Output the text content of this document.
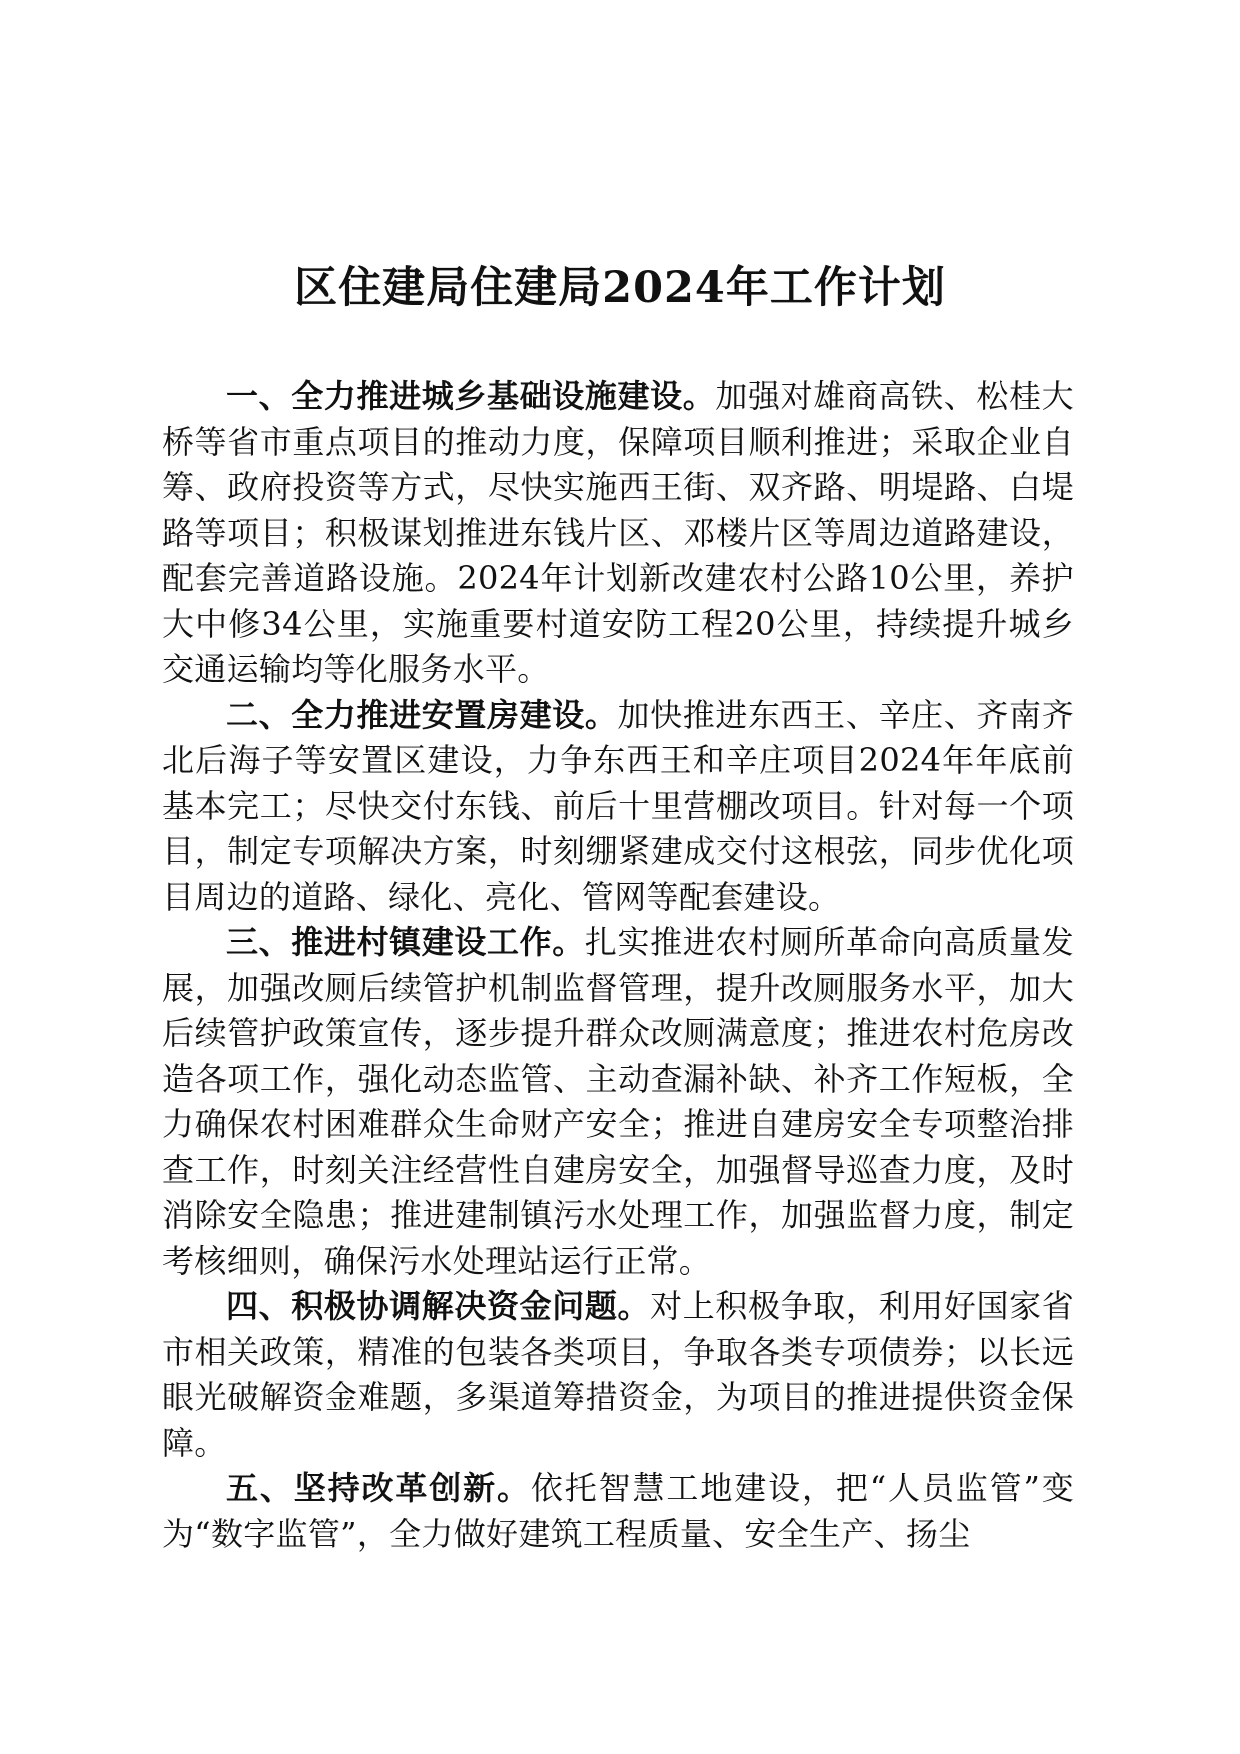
区住建局住建局2024年工作计划

一、全力推进城乡基础设施建设。加强对雄商高铁、松桂大桥等省市重点项目的推动力度，保障项目顺利推进；采取企业自筹、政府投资等方式，尽快实施西王街、双齐路、明堤路、白堤路等项目；积极谋划推进东钱片区、邓楼片区等周边道路建设，配套完善道路设施。2024年计划新改建农村公路10公里，养护大中修34公里，实施重要村道安防工程20公里，持续提升城乡交通运输均等化服务水平。

二、全力推进安置房建设。加快推进东西王、辛庄、齐南齐北后海子等安置区建设，力争东西王和辛庄项目2024年年底前基本完工；尽快交付东钱、前后十里营棚改项目。针对每一个项目，制定专项解决方案，时刻绷紧建成交付这根弦，同步优化项目周边的道路、绿化、亮化、管网等配套建设。

三、推进村镇建设工作。扎实推进农村厕所革命向高质量发展，加强改厕后续管护机制监督管理，提升改厕服务水平，加大后续管护政策宣传，逐步提升群众改厕满意度；推进农村危房改造各项工作，强化动态监管、主动查漏补缺、补齐工作短板，全力确保农村困难群众生命财产安全；推进自建房安全专项整治排查工作，时刻关注经营性自建房安全，加强督导巡查力度，及时消除安全隐患；推进建制镇污水处理工作，加强监督力度，制定考核细则，确保污水处理站运行正常。

四、积极协调解决资金问题。对上积极争取，利用好国家省市相关政策，精准的包装各类项目，争取各类专项债券；以长远眼光破解资金难题，多渠道筹措资金，为项目的推进提供资金保障。

五、坚持改革创新。依托智慧工地建设，把“人员监管”变为“数字监管”，全力做好建筑工程质量、安全生产、扬尘
